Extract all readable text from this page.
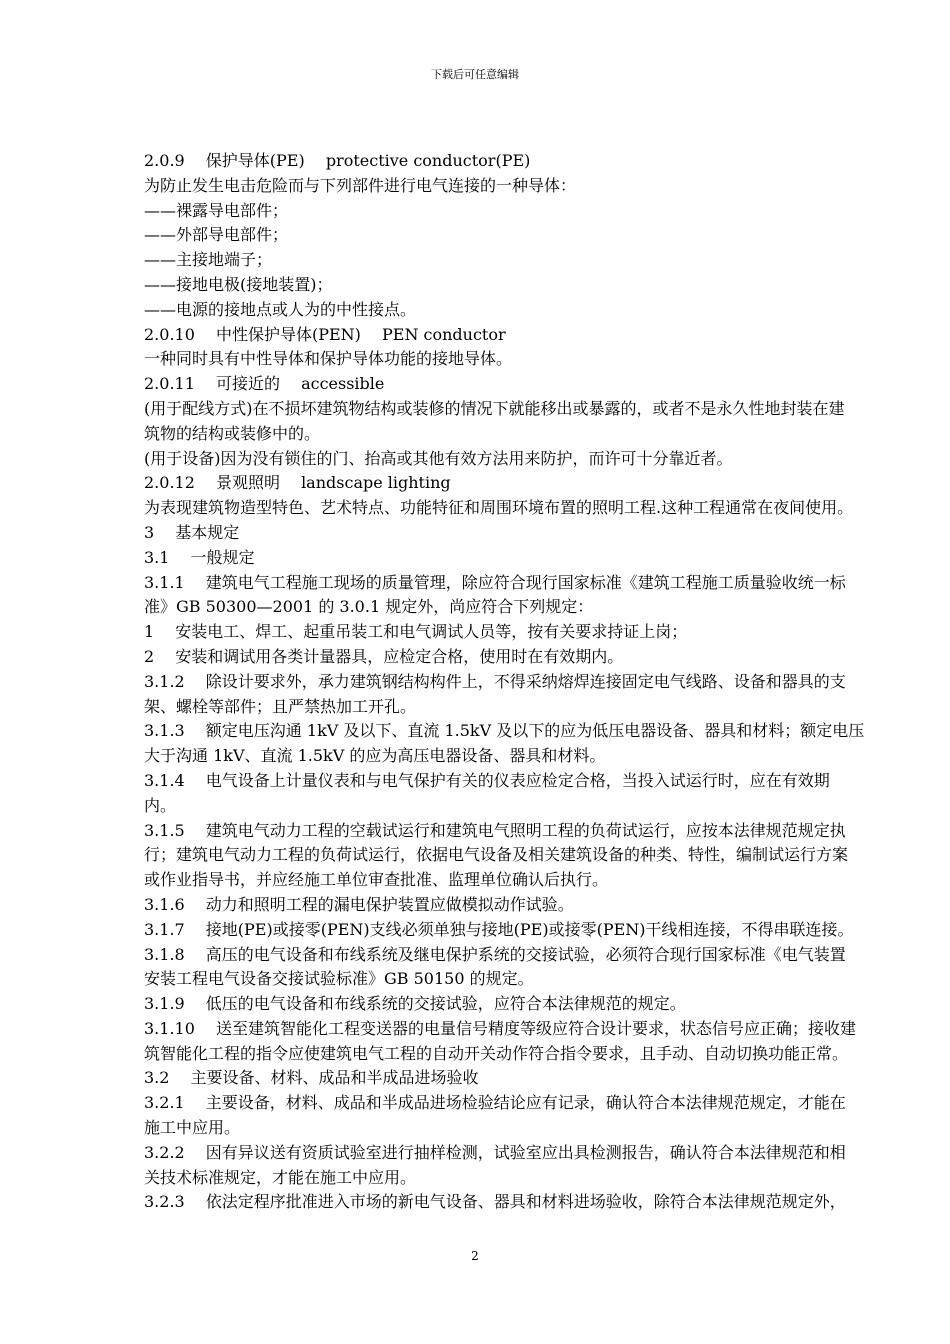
下载后可任意编辑
2.0.9　 保护导体(PE)　 protective conductor(PE)
为防止发生电击危险而与下列部件进行电气连接的一种导体：
——裸露导电部件；
——外部导电部件；
——主接地端子；
——接地电极(接地装置)；
——电源的接地点或人为的中性接点。
2.0.10　 中性保护导体(PEN)　 PEN conductor
一种同时具有中性导体和保护导体功能的接地导体。
2.0.11　 可接近的　 accessible
(用于配线方式)在不损坏建筑物结构或装修的情况下就能移出或暴露的，或者不是永久性地封装在建
筑物的结构或装修中的。
(用于设备)因为没有锁住的门、抬高或其他有效方法用来防护，而许可十分靠近者。
2.0.12　 景观照明　 landscape lighting
为表现建筑物造型特色、艺术特点、功能特征和周围环境布置的照明工程.这种工程通常在夜间使用。
3　 基本规定
3.1　 一般规定
3.1.1　 建筑电气工程施工现场的质量管理，除应符合现行国家标准《建筑工程施工质量验收统一标
准》GB 50300—2001 的 3.0.1 规定外，尚应符合下列规定：
1　 安装电工、焊工、起重吊装工和电气调试人员等，按有关要求持证上岗；
2　 安装和调试用各类计量器具，应检定合格，使用时在有效期内。
3.1.2　 除设计要求外，承力建筑钢结构构件上，不得采纳熔焊连接固定电气线路、设备和器具的支
架、螺栓等部件；且严禁热加工开孔。
3.1.3　 额定电压沟通 1kV 及以下、直流 1.5kV 及以下的应为低压电器设备、器具和材料；额定电压
大于沟通 1kV、直流 1.5kV 的应为高压电器设备、器具和材料。
3.1.4　 电气设备上计量仪表和与电气保护有关的仪表应检定合格，当投入试运行时，应在有效期
内。
3.1.5　 建筑电气动力工程的空载试运行和建筑电气照明工程的负荷试运行，应按本法律规范规定执
行；建筑电气动力工程的负荷试运行，依据电气设备及相关建筑设备的种类、特性，编制试运行方案
或作业指导书，并应经施工单位审查批准、监理单位确认后执行。
3.1.6　 动力和照明工程的漏电保护装置应做模拟动作试验。
3.1.7　 接地(PE)或接零(PEN)支线必须单独与接地(PE)或接零(PEN)干线相连接，不得串联连接。
3.1.8　 高压的电气设备和布线系统及继电保护系统的交接试验，必须符合现行国家标准《电气装置
安装工程电气设备交接试验标准》GB 50150 的规定。
3.1.9　 低压的电气设备和布线系统的交接试验，应符合本法律规范的规定。
3.1.10　 送至建筑智能化工程变送器的电量信号精度等级应符合设计要求，状态信号应正确；接收建
筑智能化工程的指令应使建筑电气工程的自动开关动作符合指令要求，且手动、自动切换功能正常。
3.2　 主要设备、材料、成品和半成品进场验收
3.2.1　 主要设备，材料、成品和半成品进场检验结论应有记录，确认符合本法律规范规定，才能在
施工中应用。
3.2.2　 因有异议送有资质试验室进行抽样检测，试验室应出具检测报告，确认符合本法律规范和相
关技术标准规定，才能在施工中应用。
3.2.3　 依法定程序批准进入市场的新电气设备、器具和材料进场验收，除符合本法律规范规定外，
2
